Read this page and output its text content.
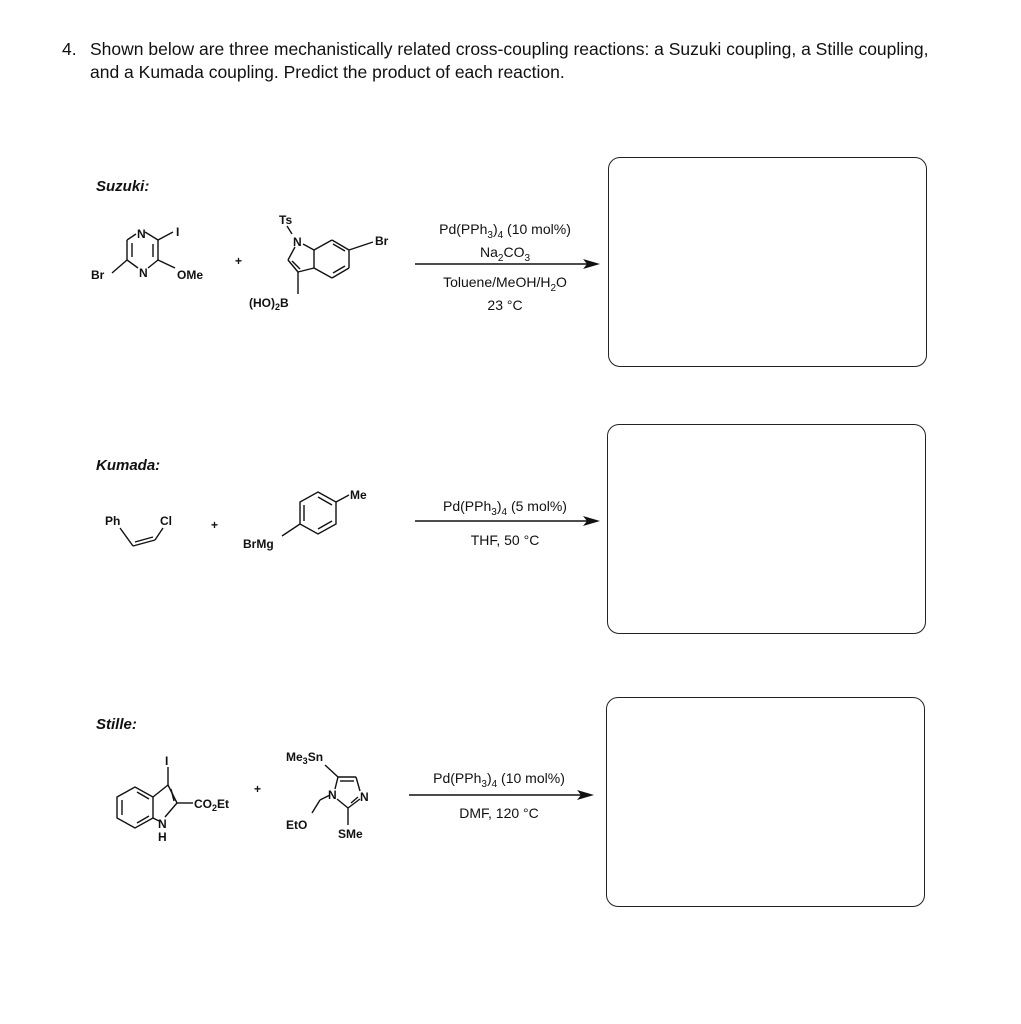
4. Shown below are three mechanistically related cross-coupling reactions: a Suzuki coupling, a Stille coupling, and a Kumada coupling. Predict the product of each reaction.
Suzuki:
N
N
I
OMe
Br
+
Ts
N	Br
$(HO)_2B$
$Pd(PPh_3)_4$ (10 mol%)
$Na_2CO_3$
Toluene/$MeOH/H_2O$
23 °C
Kumada:
Ph	Cl	+
BrMg
Me
$Pd(PPh_3)_4$ (5 mol%)
THF, 50 °C
Stille:
I
N
H
$CO_2Et$
+
$Me_3Sn$
N N
EtO
SMe
$Pd(PPh_3)_4$ (10 mol%)
DMF, 120 °C
